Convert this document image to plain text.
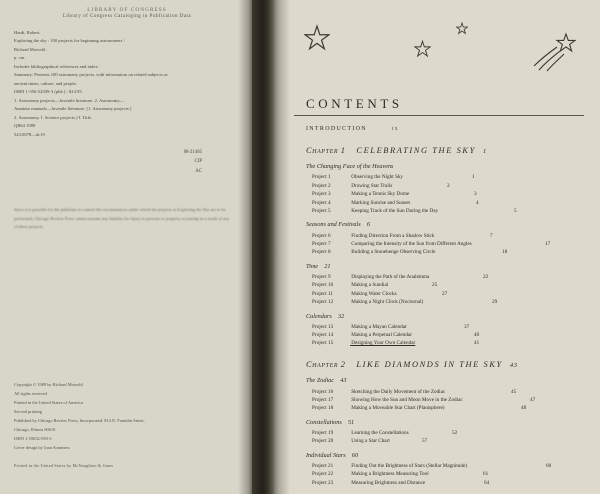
LIBRARY OF CONGRESS
Library of Congress Cataloging in Publication Data
Hardt, Robert.
Exploring the sky : 100 projects for beginning astronomers /
Richard Moeschl.
p. cm.
Includes bibliographical references and index.
Summary: Presents 100 astronomy projects, with information on related subjects as
ancient times, culture, and people.
ISBN 1-556-52039-3 (pbk.) : $14.95
1. Astronomy projects—Juvenile literature. 2. Astronomy—
Amateur manuals—Juvenile literature. [1. Astronomy projects.]
2. Astronomy. I. Science projects.] I. Title.
QB64 1989
523.0078—dc19
88-21485
CIP
AC
Since it is possible for the publisher to control the circumstances under which the projects in Exploring the Sky are to be performed, Chicago Review Press cannot assume any liability for injury to persons or property occurring as a result of any of these projects.
Copyright © 1989 by Richard Moeschl
All rights reserved
Printed in the United States of America
Second printing
Published by Chicago Review Press, Incorporated, 814 N. Franklin Street,
Chicago, Illinois 60610
ISBN 1-55652-039-3
Cover design by Joan Sommers
Printed in the United States by McNaughton & Gunn
CONTENTS
INTRODUCTION	ix
Chapter 1 CELEBRATING THE SKY 1
The Changing Face of the Heavens
Project 1	Observing the Night Sky	1
Project 2	Drawing Star Trails	2
Project 3	Making a Tennis Sky Dome	3
Project 4	Marking Sunrise and Sunset	4
Project 5	Keeping Track of the Sun During the Day	5
Seasons and Festivals 6
Project 6	Finding Direction From a Shadow Stick	7
Project 7	Comparing the Intensity of the Sun from Different Angles	17
Project 8	Building a Stonehenge Observing Circle	18
Time 21
Project 9	Displaying the Path of the Analemma	22
Project 10	Making a Sundial	25
Project 11	Making Water Clocks	27
Project 12	Making a Night Clock (Nocturnal)	29
Calendars 32
Project 13	Making a Mayan Calendar	37
Project 14	Making a Perpetual Calendar	40
Project 15	Designing Your Own Calendar	41
Chapter 2 LIKE DIAMONDS IN THE SKY 43
The Zodiac 43
Project 16	Sketching the Daily Movement of the Zodiac	45
Project 17	Showing How the Sun and Moon Move in the Zodiac	47
Project 18	Making a Moveable Star Chart (Planisphere)	48
Constellations 51
Project 19	Learning the Constellations	52
Project 20	Using a Star Chart	57
Individual Stars 60
Project 21	Finding Out the Brightness of Stars (Stellar Magnitude)	60
Project 22	Making a Brightness Measuring Tool	61
Project 23	Measuring Brightness and Distance	64
